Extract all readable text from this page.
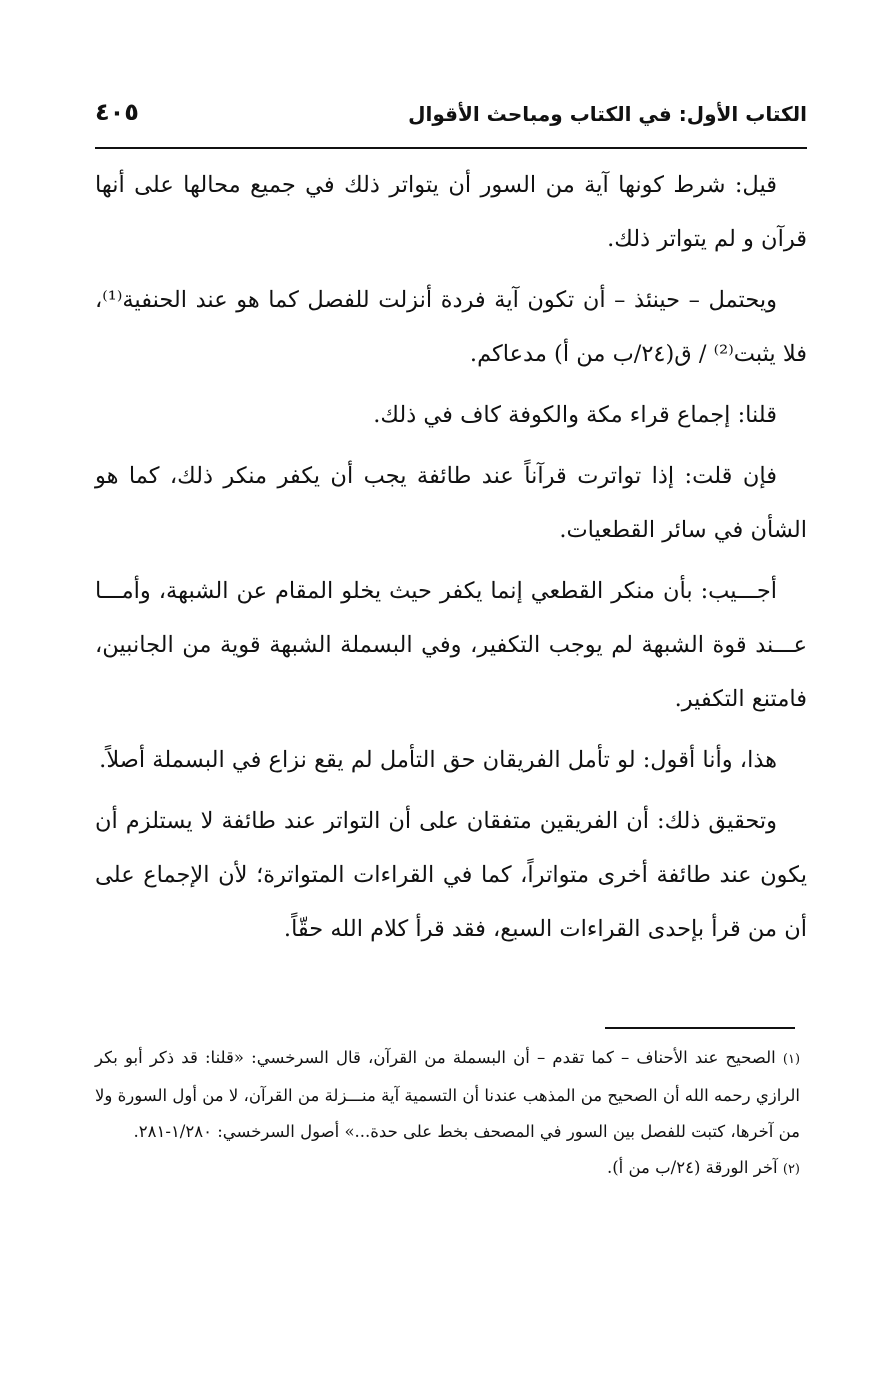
الكتاب الأول: في الكتاب ومباحث الأقوال
٤٠٥

قيل: شرط كونها آية من السور أن يتواتر ذلك في جميع محالها على أنها قرآن و لم يتواتر ذلك.

ويحتمل – حينئذ – أن تكون آية فردة أنزلت للفصل كما هو عند الحنفية⁽¹⁾، فلا يثبت⁽²⁾ / ق(٢٤/ب من أ) مدعاكم.

قلنا: إجماع قراء مكة والكوفة كاف في ذلك.

فإن قلت: إذا تواترت قرآناً عند طائفة يجب أن يكفر منكر ذلك، كما هو الشأن في سائر القطعيات.

أجـــيب: بأن منكر القطعي إنما يكفر حيث يخلو المقام عن الشبهة، وأمـــا عـــند قوة الشبهة لم يوجب التكفير، وفي البسملة الشبهة قوية من الجانبين، فامتنع التكفير.

هذا، وأنا أقول: لو تأمل الفريقان حق التأمل لم يقع نزاع في البسملة أصلاً.

وتحقيق ذلك: أن الفريقين متفقان على أن التواتر عند طائفة لا يستلزم أن يكون عند طائفة أخرى متواتراً، كما في القراءات المتواترة؛ لأن الإجماع على أن من قرأ بإحدى القراءات السبع، فقد قرأ كلام الله حقّاً.

(١) الصحيح عند الأحناف – كما تقدم – أن البسملة من القرآن، قال السرخسي: «قلنا: قد ذكر أبو بكر الرازي رحمه الله أن الصحيح من المذهب عندنا أن التسمية آية منـــزلة من القرآن، لا من أول السورة ولا من آخرها، كتبت للفصل بين السور في المصحف بخط على حدة...» أصول السرخسي: ١/٢٨٠-٢٨١.

(٢) آخر الورقة (٢٤/ب من أ).
